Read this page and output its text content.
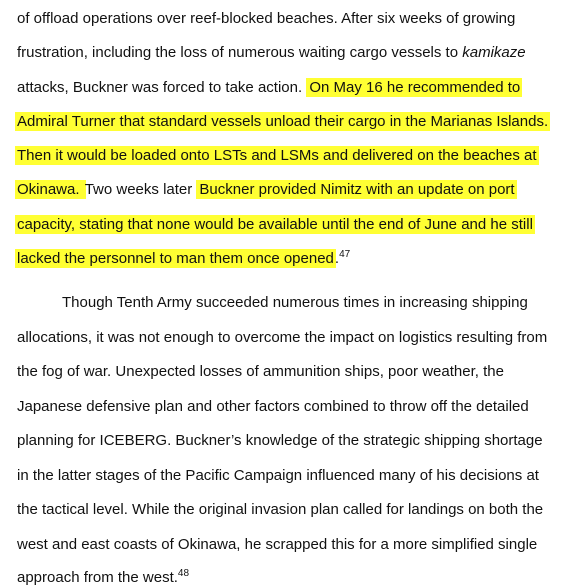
of offload operations over reef-blocked beaches. After six weeks of growing
frustration, including the loss of numerous waiting cargo vessels to kamikaze
attacks, Buckner was forced to take action. On May 16 he recommended to
Admiral Turner that standard vessels unload their cargo in the Marianas Islands.
Then it would be loaded onto LSTs and LSMs and delivered on the beaches at
Okinawa. Two weeks later Buckner provided Nimitz with an update on port
capacity, stating that none would be available until the end of June and he still
lacked the personnel to man them once opened.$^{47}$
Though Tenth Army succeeded numerous times in increasing shipping
allocations, it was not enough to overcome the impact on logistics resulting from
the fog of war. Unexpected losses of ammunition ships, poor weather, the
Japanese defensive plan and other factors combined to throw off the detailed
planning for ICEBERG. Buckner’s knowledge of the strategic shipping shortage
in the latter stages of the Pacific Campaign influenced many of his decisions at
the tactical level. While the original invasion plan called for landings on both the
west and east coasts of Okinawa, he scrapped this for a more simplified single
approach from the west.$^{48}$
